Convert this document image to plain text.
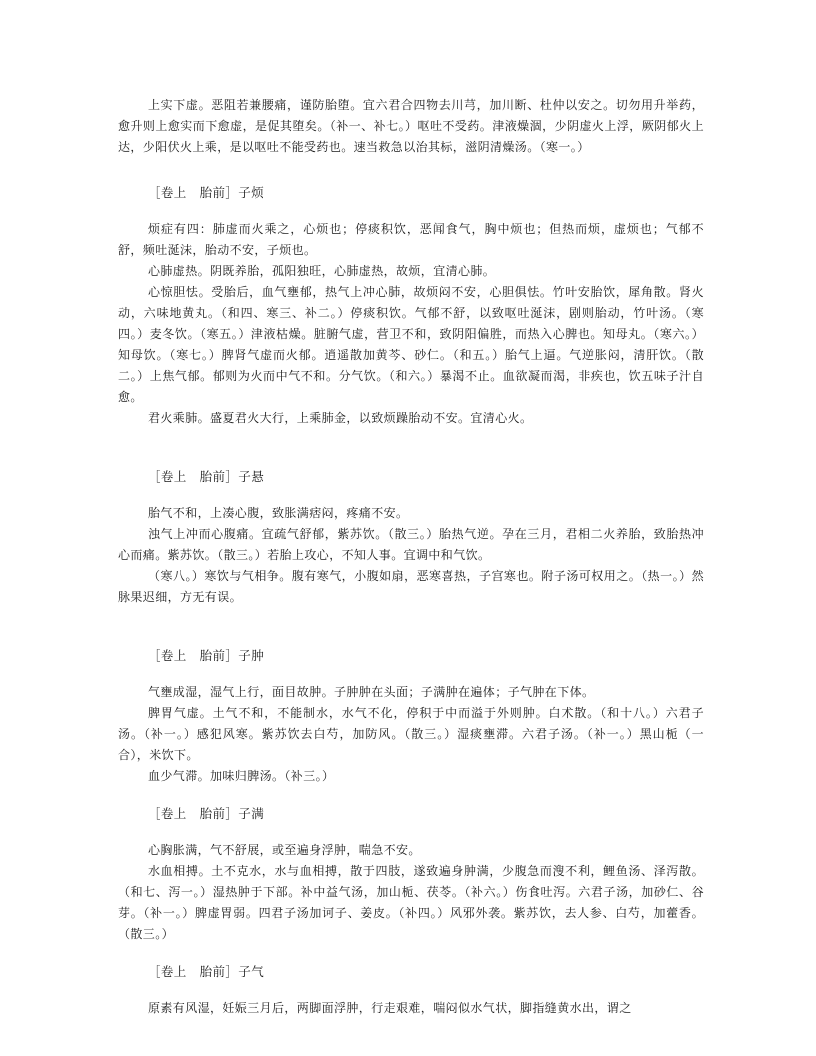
上实下虚。恶阻若兼腰痛，谨防胎堕。宜六君合四物去川芎，加川断、杜仲以安之。切勿用升举药，愈升则上愈实而下愈虚，是促其堕矣。（补一、补七。）呕吐不受药。津液燥涸，少阴虚火上浮，厥阴郁火上达，少阳伏火上乘，是以呕吐不能受药也。速当救急以治其标，滋阴清燥汤。（寒一。）

［卷上　胎前］子烦

烦症有四：肺虚而火乘之，心烦也；停痰积饮，恶闻食气，胸中烦也；但热而烦，虚烦也；气郁不舒，频吐涎沫，胎动不安，子烦也。

心肺虚热。阴既养胎，孤阳独旺，心肺虚热，故烦，宜清心肺。

心惊胆怯。受胎后，血气壅郁，热气上冲心肺，故烦闷不安，心胆俱怯。竹叶安胎饮，犀角散。肾火动，六味地黄丸。（和四、寒三、补二。）停痰积饮。气郁不舒，以致呕吐涎沫，剧则胎动，竹叶汤。（寒四。）麦冬饮。（寒五。）津液枯燥。脏腑气虚，营卫不和，致阴阳偏胜，而热入心脾也。知母丸。（寒六。）知母饮。（寒七。）脾肾气虚而火郁。逍遥散加黄芩、砂仁。（和五。）胎气上逼。气逆胀闷，清肝饮。（散二。）上焦气郁。郁则为火而中气不和。分气饮。（和六。）暴渴不止。血欲凝而渴，非疾也，饮五味子汁自愈。

君火乘肺。盛夏君火大行，上乘肺金，以致烦躁胎动不安。宜清心火。

［卷上　胎前］子悬

胎气不和，上凑心腹，致胀满痞闷，疼痛不安。

浊气上冲而心腹痛。宜疏气舒郁，紫苏饮。（散三。）胎热气逆。孕在三月，君相二火养胎，致胎热冲心而痛。紫苏饮。（散三。）若胎上攻心，不知人事。宜调中和气饮。

（寒八。）寒饮与气相争。腹有寒气，小腹如扇，恶寒喜热，子宫寒也。附子汤可权用之。（热一。）然脉果迟细，方无有误。

［卷上　胎前］子肿

气壅成湿，湿气上行，面目故肿。子肿肿在头面；子满肿在遍体；子气肿在下体。

脾胃气虚。土气不和，不能制水，水气不化，停积于中而溢于外则肿。白术散。（和十八。）六君子汤。（补一。）感犯风寒。紫苏饮去白芍，加防风。（散三。）湿痰壅滞。六君子汤。（补一。）黑山栀（一合），米饮下。

血少气滞。加味归脾汤。（补三。）

［卷上　胎前］子满

心胸胀满，气不舒展，或至遍身浮肿，喘急不安。

水血相搏。土不克水，水与血相搏，散于四肢，遂致遍身肿满，少腹急而溲不利，鲤鱼汤、泽泻散。（和七、泻一。）湿热肿于下部。补中益气汤，加山栀、茯苓。（补六。）伤食吐泻。六君子汤，加砂仁、谷芽。（补一。）脾虚胃弱。四君子汤加诃子、姜皮。（补四。）风邪外袭。紫苏饮，去人参、白芍，加藿香。（散三。）

［卷上　胎前］子气

原素有风湿，妊娠三月后，两脚面浮肿，行走艰难，喘闷似水气状，脚指缝黄水出，谓之
